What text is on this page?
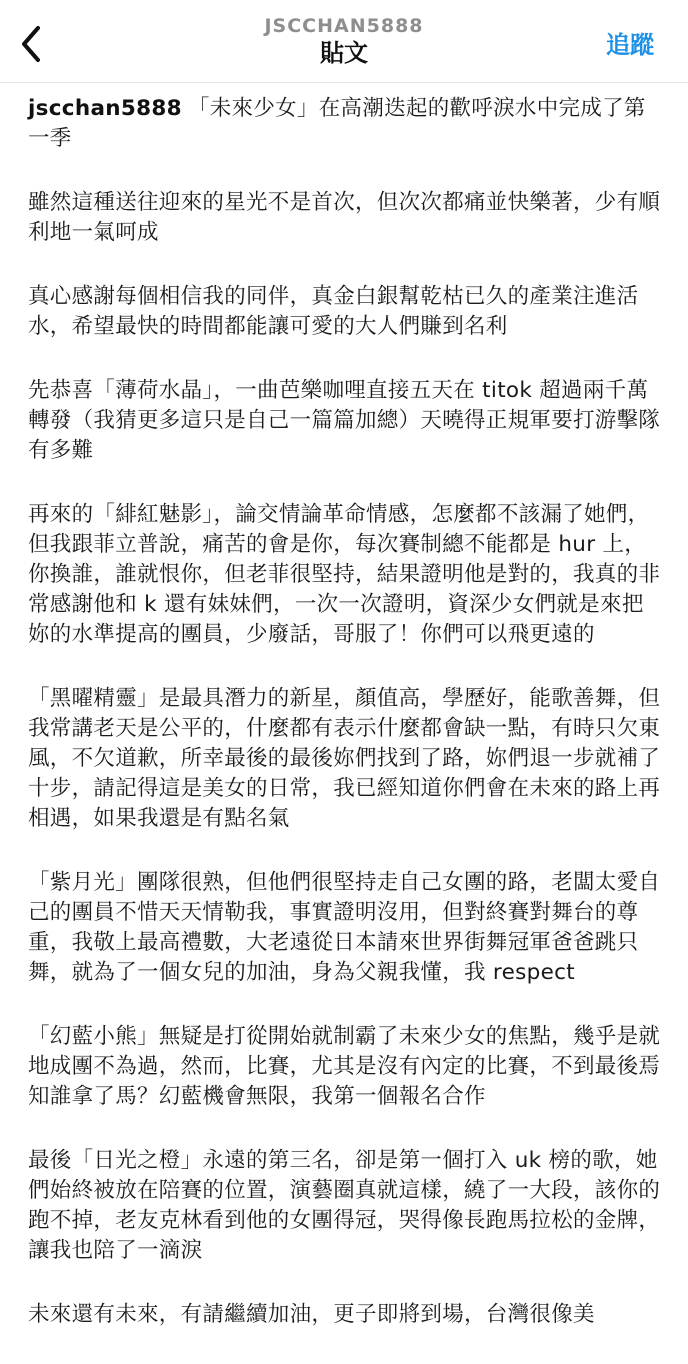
JSCCHAN5888
貼文	追蹤

jscchan5888 「未來少女」在高潮迭起的歡呼淚水中完成了第一季

雖然這種送往迎來的星光不是首次，但次次都痛並快樂著，少有順利地一氣呵成

真心感謝每個相信我的同伴，真金白銀幫乾枯已久的產業注進活水，希望最快的時間都能讓可愛的大人們賺到名利

先恭喜「薄荷水晶」，一曲芭樂咖哩直接五天在 titok 超過兩千萬轉發（我猜更多這只是自己一篇篇加總）天曉得正規軍要打游擊隊有多難

再來的「緋紅魅影」，論交情論革命情感，怎麼都不該漏了她們，但我跟菲立普說，痛苦的會是你，每次賽制總不能都是 hur 上，你換誰，誰就恨你，但老菲很堅持，結果證明他是對的，我真的非常感謝他和 k 還有妹妹們，一次一次證明，資深少女們就是來把妳的水準提高的團員，少廢話，哥服了！你們可以飛更遠的

「黑曜精靈」是最具潛力的新星，顏值高，學歷好，能歌善舞，但我常講老天是公平的，什麼都有表示什麼都會缺一點，有時只欠東風，不欠道歉，所幸最後的最後妳們找到了路，妳們退一步就補了十步，請記得這是美女的日常，我已經知道你們會在未來的路上再相遇，如果我還是有點名氣

「紫月光」團隊很熟，但他們很堅持走自己女團的路，老闆太愛自己的團員不惜天天情勒我，事實證明沒用，但對終賽對舞台的尊重，我敬上最高禮數，大老遠從日本請來世界街舞冠軍爸爸跳只舞，就為了一個女兒的加油，身為父親我懂，我 respect

「幻藍小熊」無疑是打從開始就制霸了未來少女的焦點，幾乎是就地成團不為過，然而，比賽，尤其是沒有內定的比賽，不到最後焉知誰拿了馬？幻藍機會無限，我第一個報名合作

最後「日光之橙」永遠的第三名，卻是第一個打入 uk 榜的歌，她們始終被放在陪賽的位置，演藝圈真就這樣，繞了一大段，該你的跑不掉，老友克林看到他的女團得冠，哭得像長跑馬拉松的金牌，讓我也陪了一滴淚

未來還有未來，有請繼續加油，更子即將到場，台灣很像美
